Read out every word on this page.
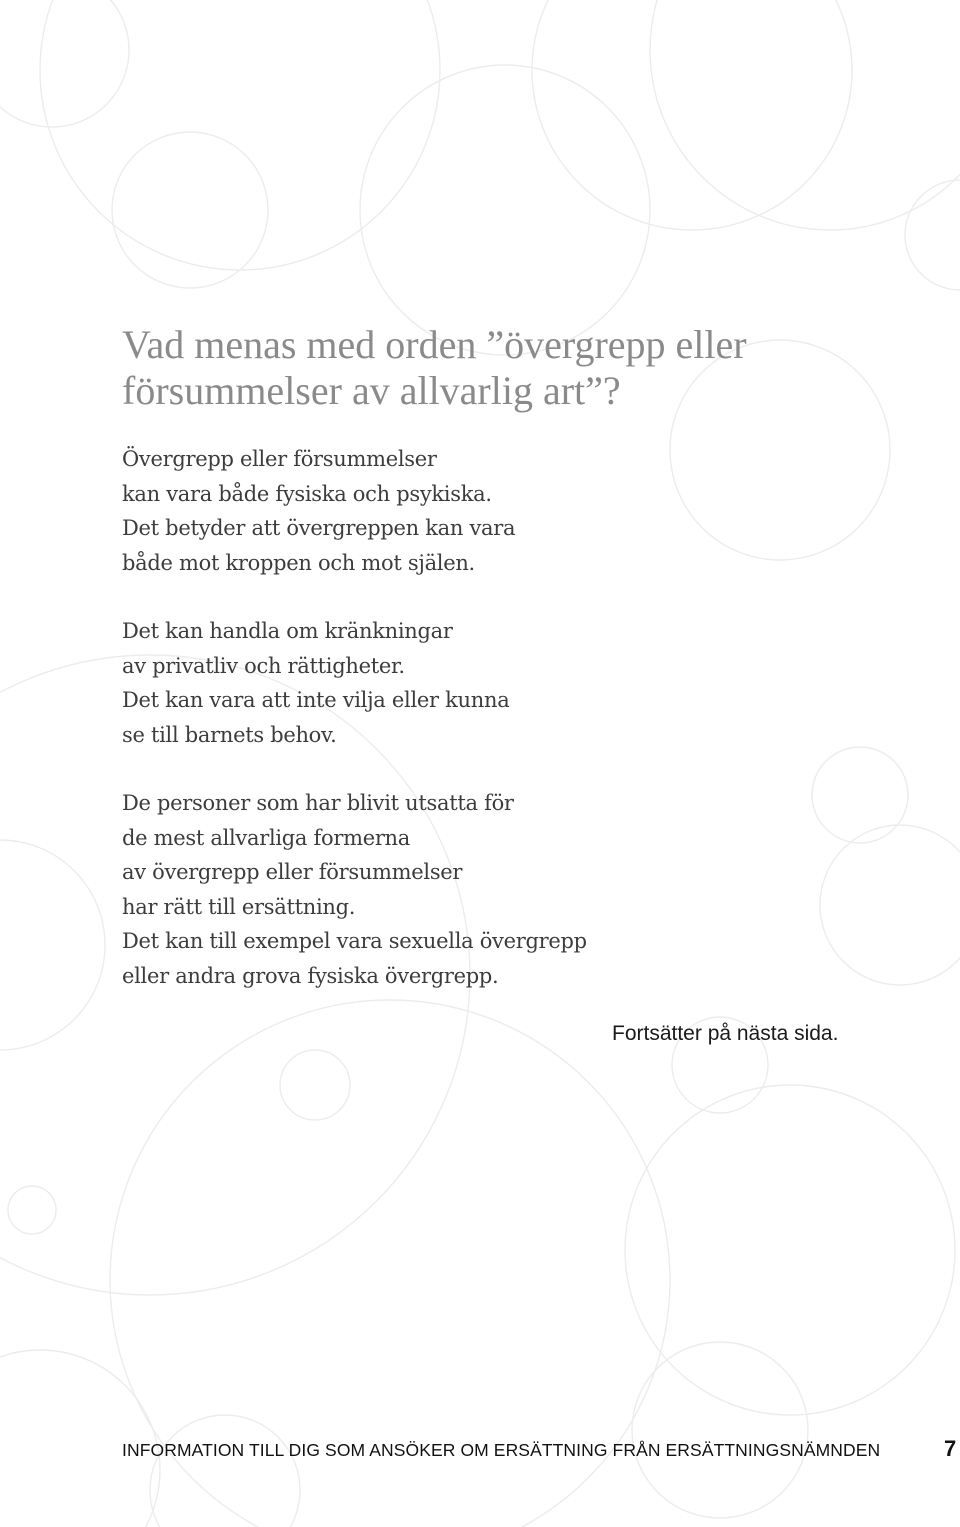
Vad menas med orden ”övergrepp eller
försummelser av allvarlig art”?

Övergrepp eller försummelser
kan vara både fysiska och psykiska.
Det betyder att övergreppen kan vara
både mot kroppen och mot själen.

Det kan handla om kränkningar
av privatliv och rättigheter.
Det kan vara att inte vilja eller kunna
se till barnets behov.

De personer som har blivit utsatta för
de mest allvarliga formerna
av övergrepp eller försummelser
har rätt till ersättning.
Det kan till exempel vara sexuella övergrepp
eller andra grova fysiska övergrepp.

Fortsätter på nästa sida.

INFORMATION TILL DIG SOM ANSÖKER OM ERSÄTTNING FRÅN ERSÄTTNINGSNÄMNDEN	7
